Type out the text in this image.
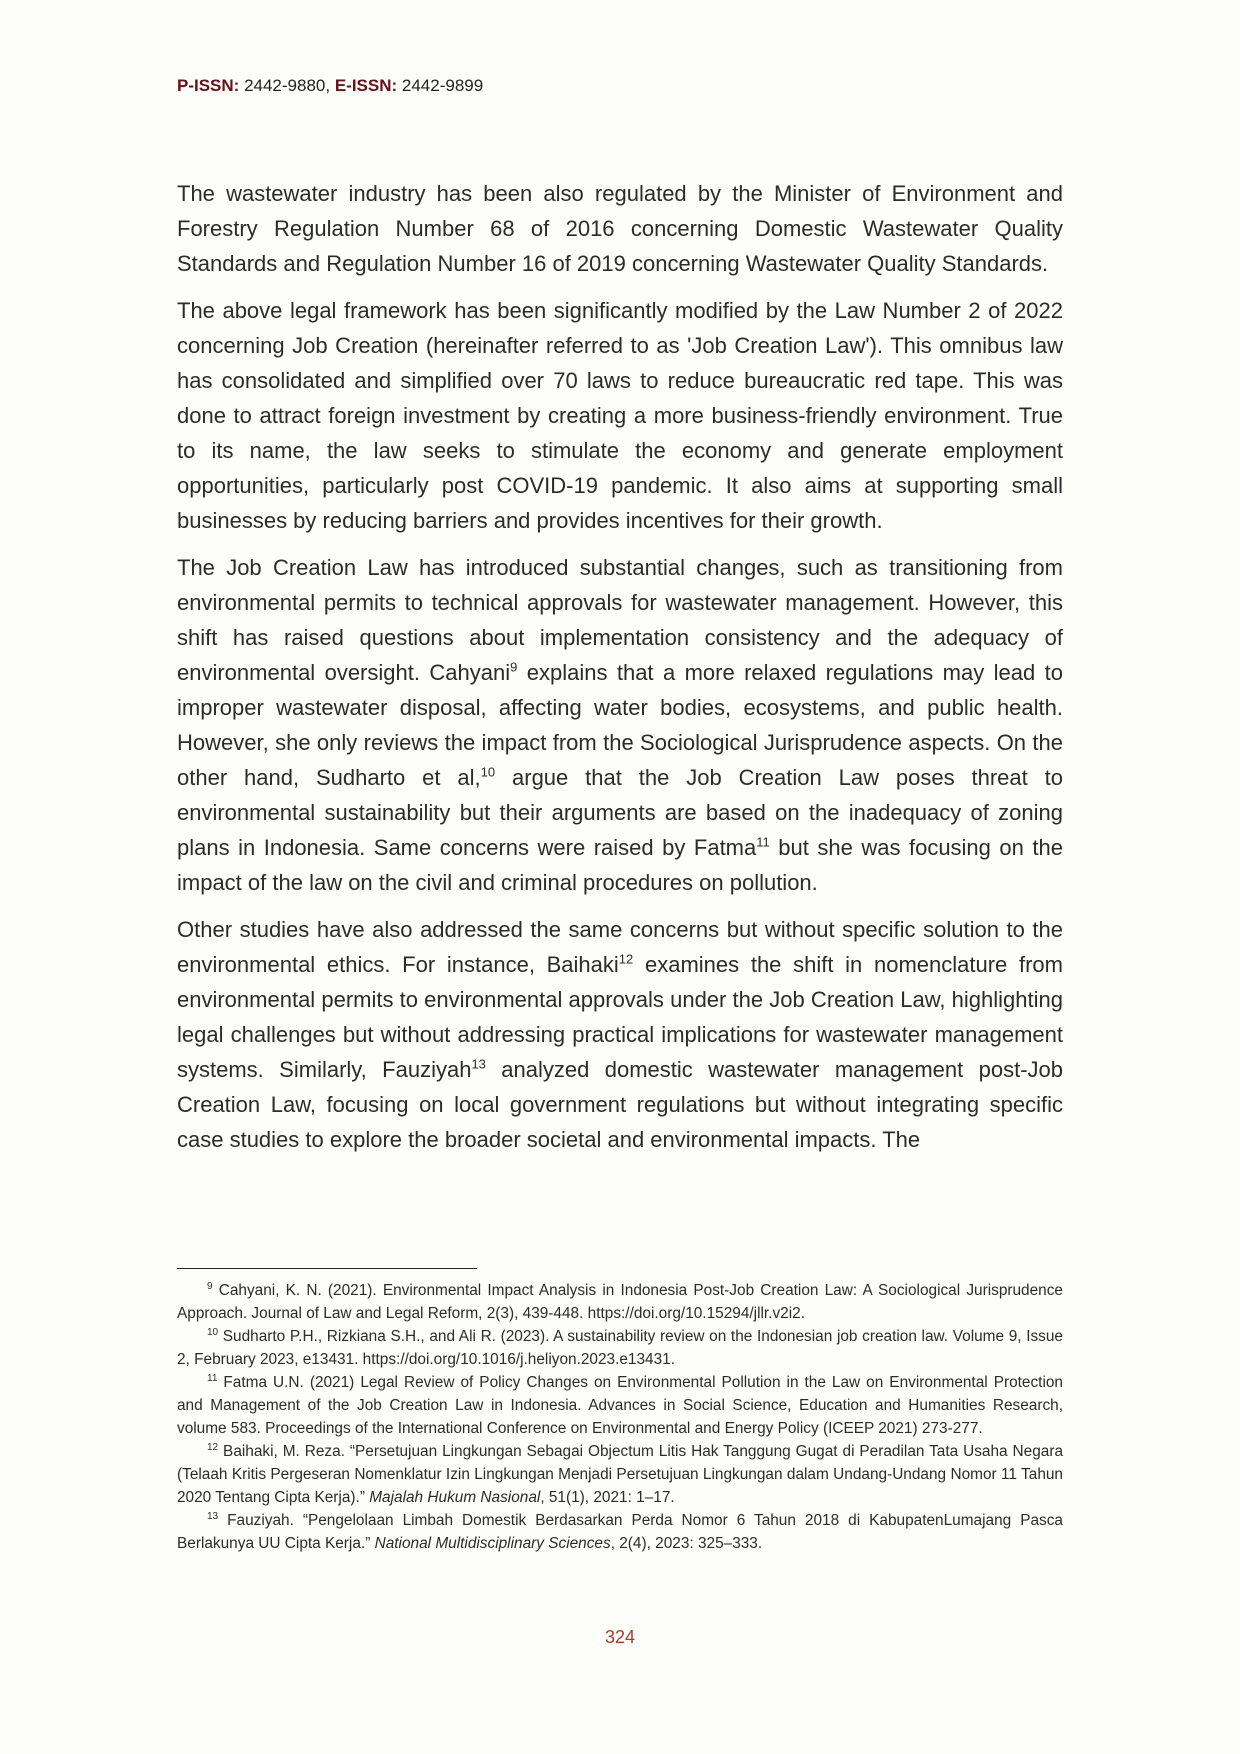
P-ISSN: 2442-9880, E-ISSN: 2442-9899

The wastewater industry has been also regulated by the Minister of Environment and Forestry Regulation Number 68 of 2016 concerning Domestic Wastewater Quality Standards and Regulation Number 16 of 2019 concerning Wastewater Quality Standards.

The above legal framework has been significantly modified by the Law Number 2 of 2022 concerning Job Creation (hereinafter referred to as 'Job Creation Law'). This omnibus law has consolidated and simplified over 70 laws to reduce bureaucratic red tape. This was done to attract foreign investment by creating a more business-friendly environment. True to its name, the law seeks to stimulate the economy and generate employment opportunities, particularly post COVID-19 pandemic. It also aims at supporting small businesses by reducing barriers and provides incentives for their growth.

The Job Creation Law has introduced substantial changes, such as transitioning from environmental permits to technical approvals for wastewater management. However, this shift has raised questions about implementation consistency and the adequacy of environmental oversight. Cahyani$^9$ explains that a more relaxed regulations may lead to improper wastewater disposal, affecting water bodies, ecosystems, and public health. However, she only reviews the impact from the Sociological Jurisprudence aspects. On the other hand, Sudharto et al,$^{10}$ argue that the Job Creation Law poses threat to environmental sustainability but their arguments are based on the inadequacy of zoning plans in Indonesia. Same concerns were raised by Fatma$^{11}$ but she was focusing on the impact of the law on the civil and criminal procedures on pollution.

Other studies have also addressed the same concerns but without specific solution to the environmental ethics. For instance, Baihaki$^{12}$ examines the shift in nomenclature from environmental permits to environmental approvals under the Job Creation Law, highlighting legal challenges but without addressing practical implications for wastewater management systems. Similarly, Fauziyah$^{13}$ analyzed domestic wastewater management post-Job Creation Law, focusing on local government regulations but without integrating specific case studies to explore the broader societal and environmental impacts. The

$^9$ Cahyani, K. N. (2021). Environmental Impact Analysis in Indonesia Post-Job Creation Law: A Sociological Jurisprudence Approach. Journal of Law and Legal Reform, 2(3), 439-448. https://doi.org/10.15294/jllr.v2i2.

$^{10}$ Sudharto P.H., Rizkiana S.H., and Ali R. (2023). A sustainability review on the Indonesian job creation law. Volume 9, Issue 2, February 2023, e13431. https://doi.org/10.1016/j.heliyon.2023.e13431.

$^{11}$ Fatma U.N. (2021) Legal Review of Policy Changes on Environmental Pollution in the Law on Environmental Protection and Management of the Job Creation Law in Indonesia. Advances in Social Science, Education and Humanities Research, volume 583. Proceedings of the International Conference on Environmental and Energy Policy (ICEEP 2021) 273-277.

$^{12}$ Baihaki, M. Reza. “Persetujuan Lingkungan Sebagai Objectum Litis Hak Tanggung Gugat di Peradilan Tata Usaha Negara (Telaah Kritis Pergeseran Nomenklatur Izin Lingkungan Menjadi Persetujuan Lingkungan dalam Undang-Undang Nomor 11 Tahun 2020 Tentang Cipta Kerja).” Majalah Hukum Nasional, 51(1), 2021: 1–17.

$^{13}$ Fauziyah. “Pengelolaan Limbah Domestik Berdasarkan Perda Nomor 6 Tahun 2018 di KabupatenLumajang Pasca Berlakunya UU Cipta Kerja.” National Multidisciplinary Sciences, 2(4), 2023: 325–333.

324
